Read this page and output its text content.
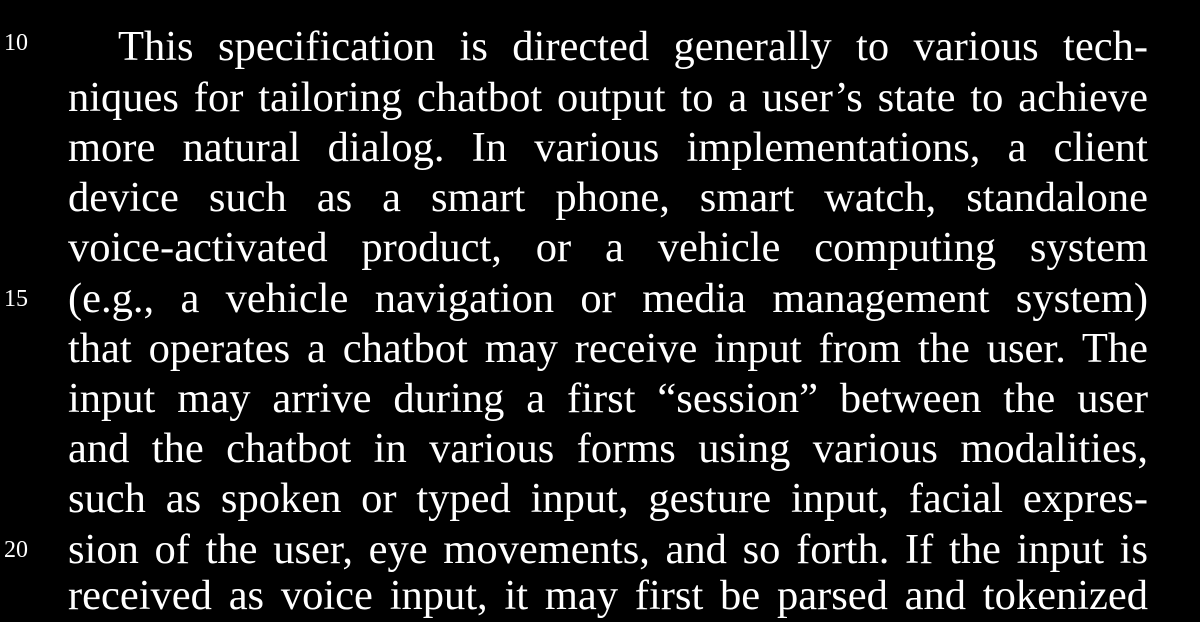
10
15
20
This specification is directed generally to various tech-
niques for tailoring chatbot output to a user’s state to achieve
more natural dialog. In various implementations, a client
device such as a smart phone, smart watch, standalone
voice-activated product, or a vehicle computing system
(e.g., a vehicle navigation or media management system)
that operates a chatbot may receive input from the user. The
input may arrive during a first “session” between the user
and the chatbot in various forms using various modalities,
such as spoken or typed input, gesture input, facial expres-
sion of the user, eye movements, and so forth. If the input is
received as voice input, it may first be parsed and tokenized
